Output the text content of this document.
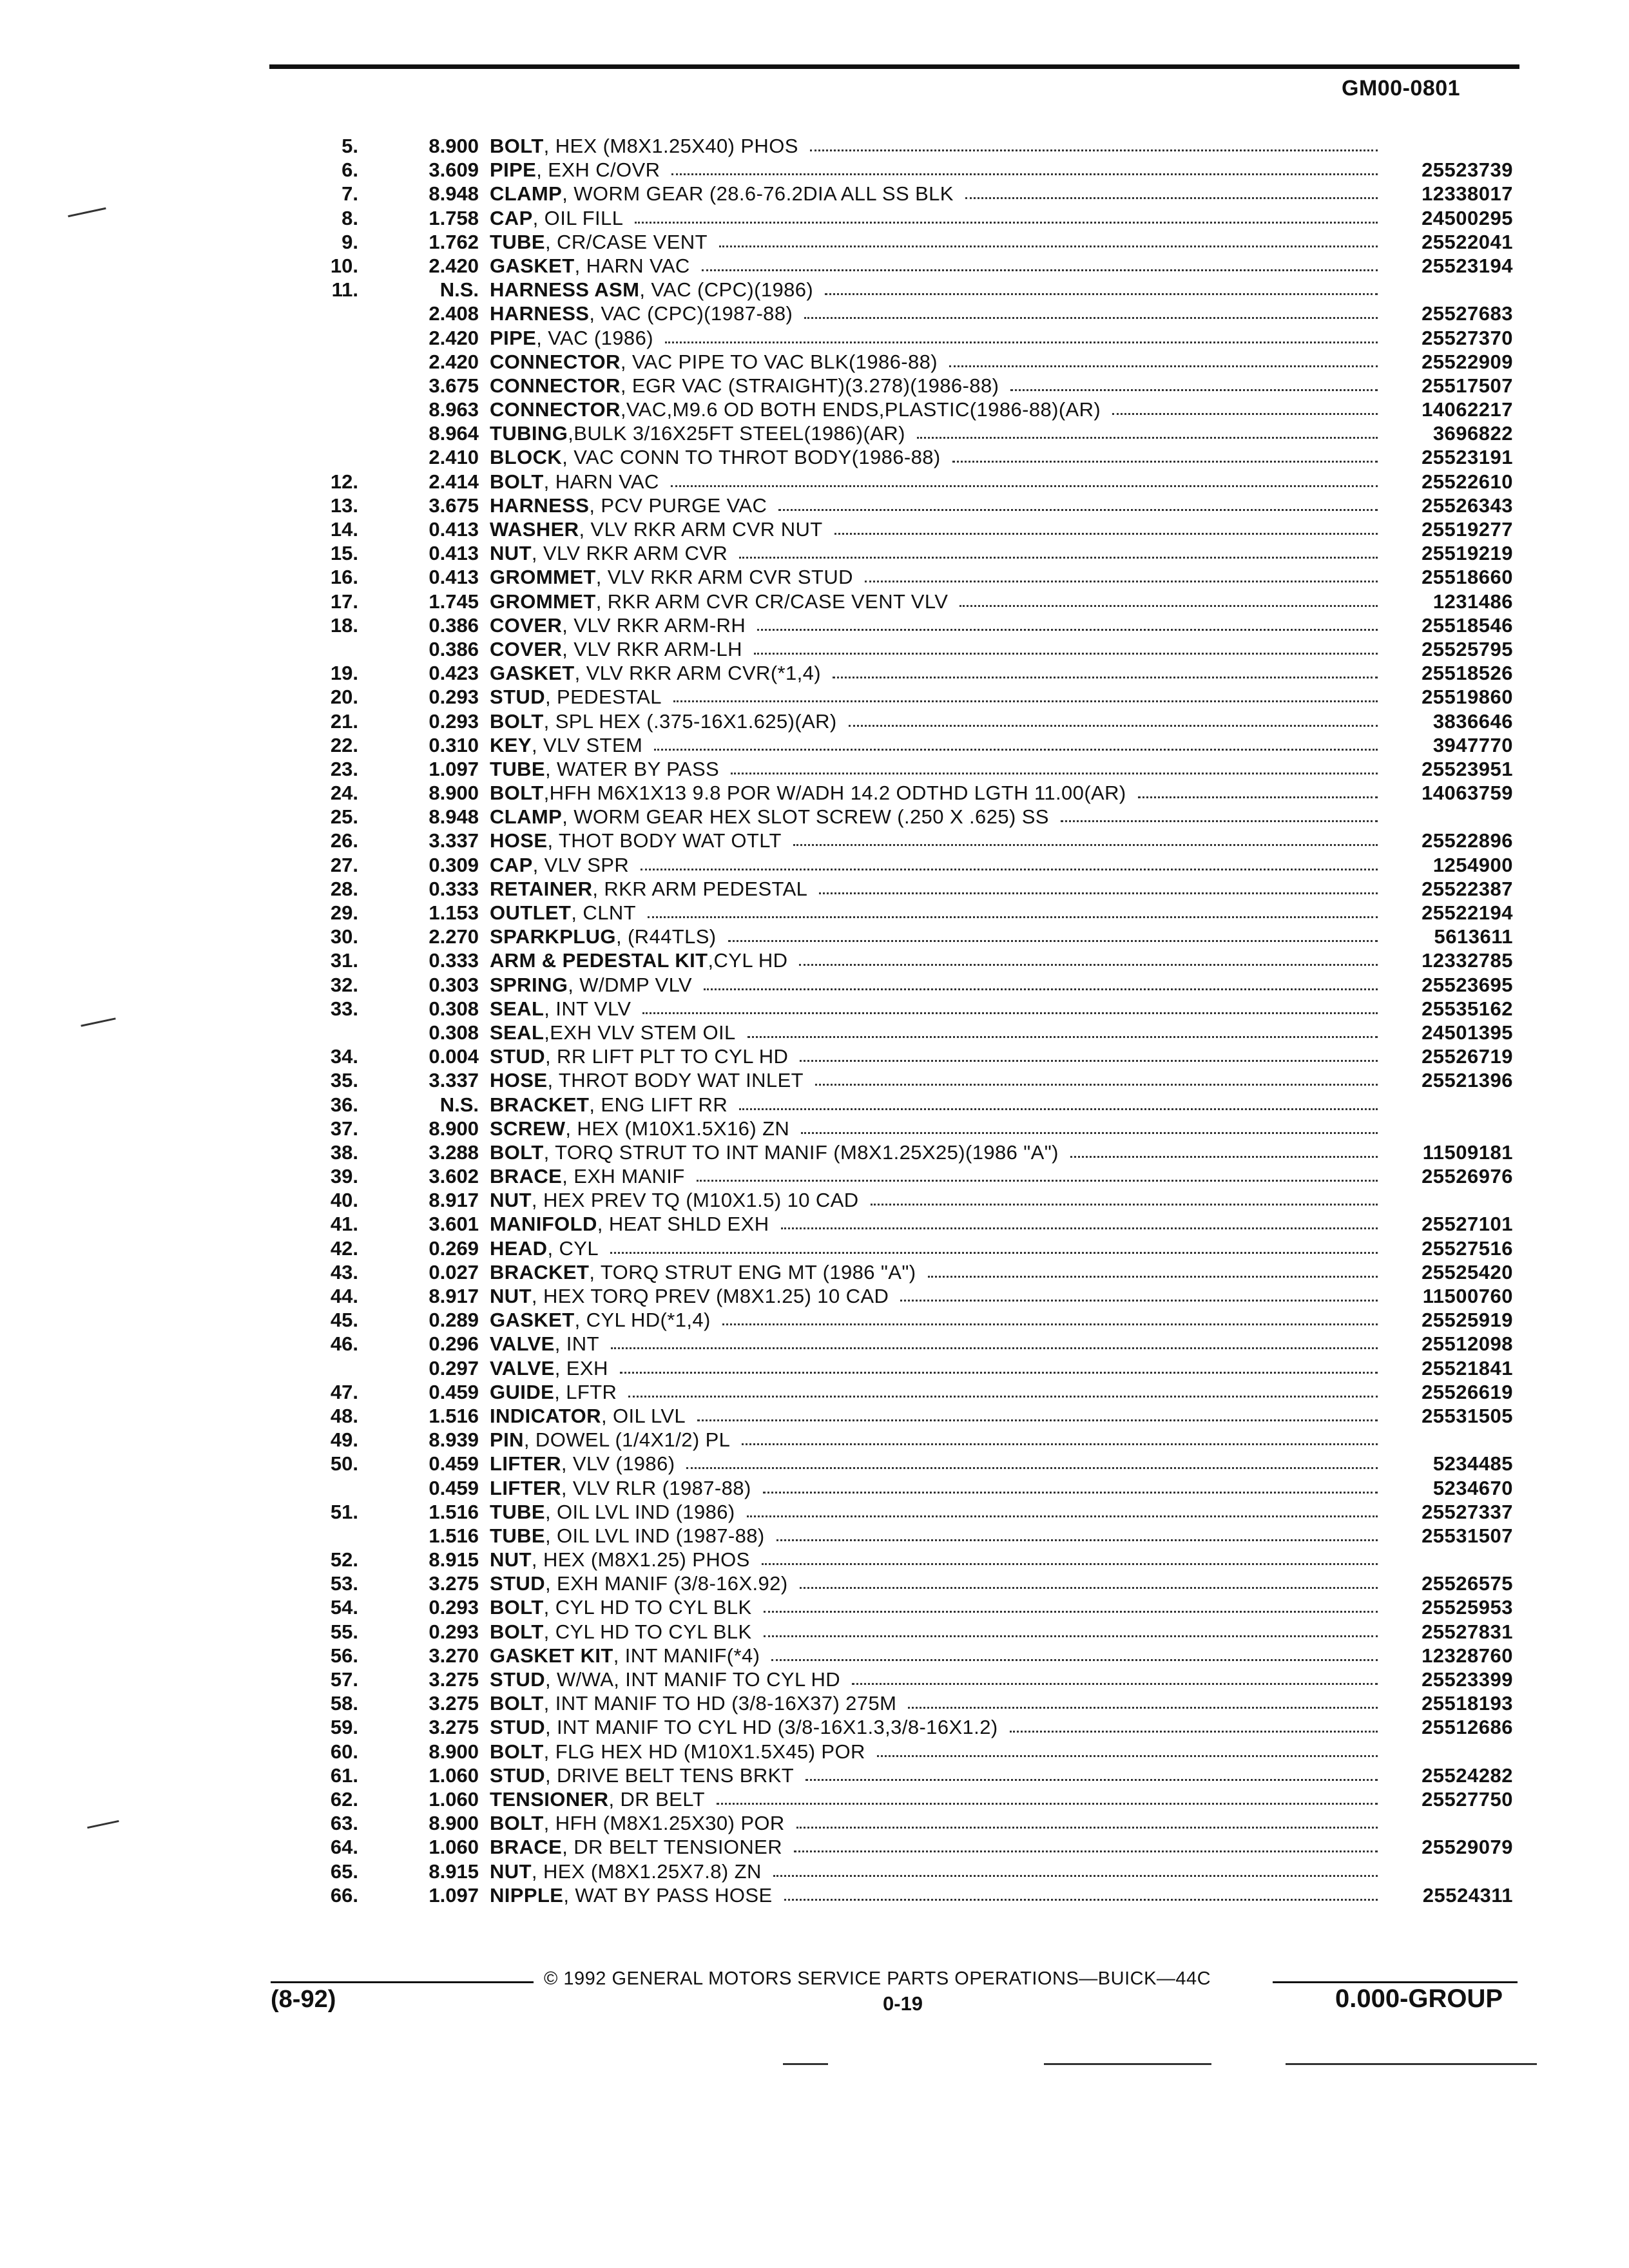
GM00-0801
5.	8.900 BOLT , HEX (M8X1.25X40) PHOS
6.	3.609 PIPE , EXH C/OVR	25523739
7.	8.948 CLAMP , WORM GEAR (28.6-76.2DIA ALL SS BLK	12338017
8.	1.758 CAP , OIL FILL	24500295
9.	1.762 TUBE , CR/CASE VENT	25522041
10.	2.420 GASKET , HARN VAC	25523194
11.	N.S. HARNESS ASM , VAC (CPC)(1986)
2.408 HARNESS , VAC (CPC)(1987-88)	25527683
2.420 PIPE , VAC (1986)	25527370
2.420 CONNECTOR , VAC PIPE TO VAC BLK(1986-88)	25522909
3.675 CONNECTOR , EGR VAC (STRAIGHT)(3.278)(1986-88)	25517507
8.963 CONNECTOR ,VAC,M9.6 OD BOTH ENDS,PLASTIC(1986-88)(AR)	14062217
8.964 TUBING ,BULK 3/16X25FT STEEL(1986)(AR)	3696822
2.410 BLOCK , VAC CONN TO THROT BODY(1986-88)	25523191
12.	2.414 BOLT , HARN VAC	25522610
13.	3.675 HARNESS , PCV PURGE VAC	25526343
14.	0.413 WASHER , VLV RKR ARM CVR NUT	25519277
15.	0.413 NUT , VLV RKR ARM CVR	25519219
16.	0.413 GROMMET , VLV RKR ARM CVR STUD	25518660
17.	1.745 GROMMET , RKR ARM CVR CR/CASE VENT VLV	1231486
18.	0.386 COVER , VLV RKR ARM-RH	25518546
0.386 COVER , VLV RKR ARM-LH	25525795
19.	0.423 GASKET , VLV RKR ARM CVR(*1,4)	25518526
20.	0.293 STUD , PEDESTAL	25519860
21.	0.293 BOLT , SPL HEX (.375-16X1.625)(AR)	3836646
22.	0.310 KEY , VLV STEM	3947770
23.	1.097 TUBE , WATER BY PASS	25523951
24.	8.900 BOLT ,HFH M6X1X13 9.8 POR W/ADH 14.2 ODTHD LGTH 11.00(AR)	14063759
25.	8.948 CLAMP , WORM GEAR HEX SLOT SCREW (.250 X .625) SS
26.	3.337 HOSE , THOT BODY WAT OTLT	25522896
27.	0.309 CAP , VLV SPR	1254900
28.	0.333 RETAINER , RKR ARM PEDESTAL	25522387
29.	1.153 OUTLET , CLNT	25522194
30.	2.270 SPARKPLUG , (R44TLS)	5613611
31.	0.333 ARM & PEDESTAL KIT ,CYL HD	12332785
32.	0.303 SPRING , W/DMP VLV	25523695
33.	0.308 SEAL , INT VLV	25535162
0.308 SEAL ,EXH VLV STEM OIL	24501395
34.	0.004 STUD , RR LIFT PLT TO CYL HD	25526719
35.	3.337 HOSE , THROT BODY WAT INLET	25521396
36.	N.S. BRACKET , ENG LIFT RR
37.	8.900 SCREW , HEX (M10X1.5X16) ZN
38.	3.288 BOLT , TORQ STRUT TO INT MANIF (M8X1.25X25)(1986 "A")	11509181
39.	3.602 BRACE , EXH MANIF	25526976
40.	8.917 NUT , HEX PREV TQ (M10X1.5) 10 CAD
41.	3.601 MANIFOLD , HEAT SHLD EXH	25527101
42.	0.269 HEAD , CYL	25527516
43.	0.027 BRACKET , TORQ STRUT ENG MT (1986 "A")	25525420
44.	8.917 NUT , HEX TORQ PREV (M8X1.25) 10 CAD	11500760
45.	0.289 GASKET , CYL HD(*1,4)	25525919
46.	0.296 VALVE , INT	25512098
0.297 VALVE , EXH	25521841
47.	0.459 GUIDE , LFTR	25526619
48.	1.516 INDICATOR , OIL LVL	25531505
49.	8.939 PIN , DOWEL (1/4X1/2) PL
50.	0.459 LIFTER , VLV (1986)	5234485
0.459 LIFTER , VLV RLR (1987-88)	5234670
51.	1.516 TUBE , OIL LVL IND (1986)	25527337
1.516 TUBE , OIL LVL IND (1987-88)	25531507
52.	8.915 NUT , HEX (M8X1.25) PHOS
53.	3.275 STUD , EXH MANIF (3/8-16X.92)	25526575
54.	0.293 BOLT , CYL HD TO CYL BLK	25525953
55.	0.293 BOLT , CYL HD TO CYL BLK	25527831
56.	3.270 GASKET KIT , INT MANIF(*4)	12328760
57.	3.275 STUD , W/WA, INT MANIF TO CYL HD	25523399
58.	3.275 BOLT , INT MANIF TO HD (3/8-16X37) 275M	25518193
59.	3.275 STUD , INT MANIF TO CYL HD (3/8-16X1.3,3/8-16X1.2)	25512686
60.	8.900 BOLT , FLG HEX HD (M10X1.5X45) POR
61.	1.060 STUD , DRIVE BELT TENS BRKT	25524282
62.	1.060 TENSIONER , DR BELT	25527750
63.	8.900 BOLT , HFH (M8X1.25X30) POR
64.	1.060 BRACE , DR BELT TENSIONER	25529079
65.	8.915 NUT , HEX (M8X1.25X7.8) ZN
66.	1.097 NIPPLE , WAT BY PASS HOSE	25524311
© 1992 GENERAL MOTORS SERVICE PARTS OPERATIONS—BUICK—44C
(8-92)	0-19	0.000-GROUP
